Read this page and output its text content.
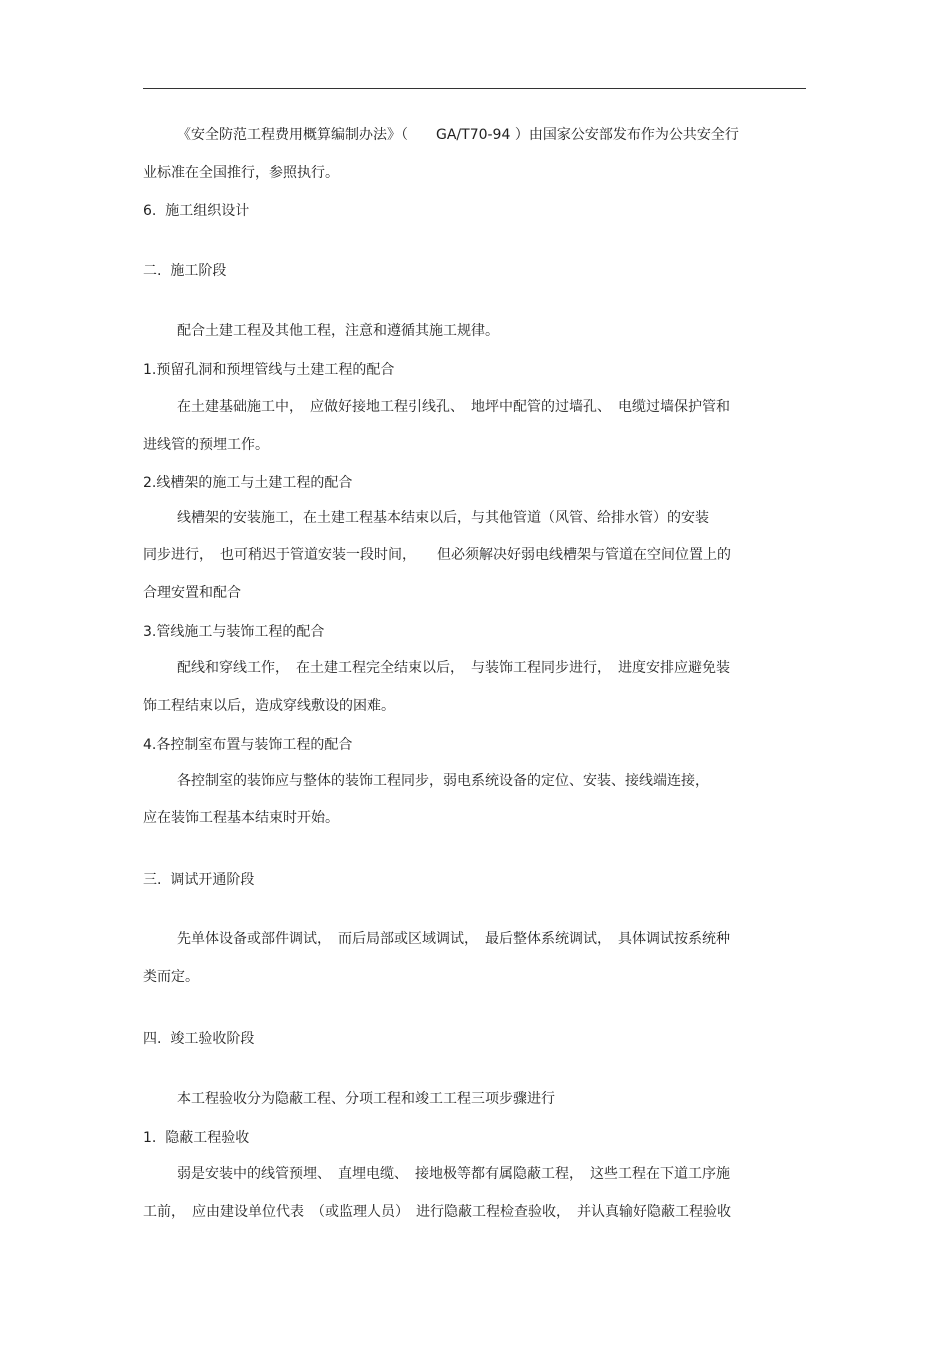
《安全防范工程费用概算编制办法》（　　GA/T70-94 ）由国家公安部发布作为公共安全行
业标准在全国推行，参照执行。
6.  施工组织设计
二.  施工阶段
配合土建工程及其他工程，注意和遵循其施工规律。
1.预留孔洞和预埋管线与土建工程的配合
在土建基础施工中，　应做好接地工程引线孔、　地坪中配管的过墙孔、　电缆过墙保护管和
进线管的预埋工作。
2.线槽架的施工与土建工程的配合
线槽架的安装施工，在土建工程基本结束以后，与其他管道（风管、给排水管）的安装
同步进行，　也可稍迟于管道安装一段时间，　　但必须解决好弱电线槽架与管道在空间位置上的
合理安置和配合
3.管线施工与装饰工程的配合
配线和穿线工作，　在土建工程完全结束以后，　与装饰工程同步进行，　进度安排应避免装
饰工程结束以后，造成穿线敷设的困难。
4.各控制室布置与装饰工程的配合
各控制室的装饰应与整体的装饰工程同步，弱电系统设备的定位、安装、接线端连接，
应在装饰工程基本结束时开始。
三.  调试开通阶段
先单体设备或部件调试，　而后局部或区域调试，　最后整体系统调试，　具体调试按系统种
类而定。
四.  竣工验收阶段
本工程验收分为隐蔽工程、分项工程和竣工工程三项步骤进行
1.  隐蔽工程验收
弱是安装中的线管预埋、　直埋电缆、　接地极等都有属隐蔽工程，　这些工程在下道工序施
工前，　应由建设单位代表　（或监理人员）　进行隐蔽工程检查验收，　并认真输好隐蔽工程验收
